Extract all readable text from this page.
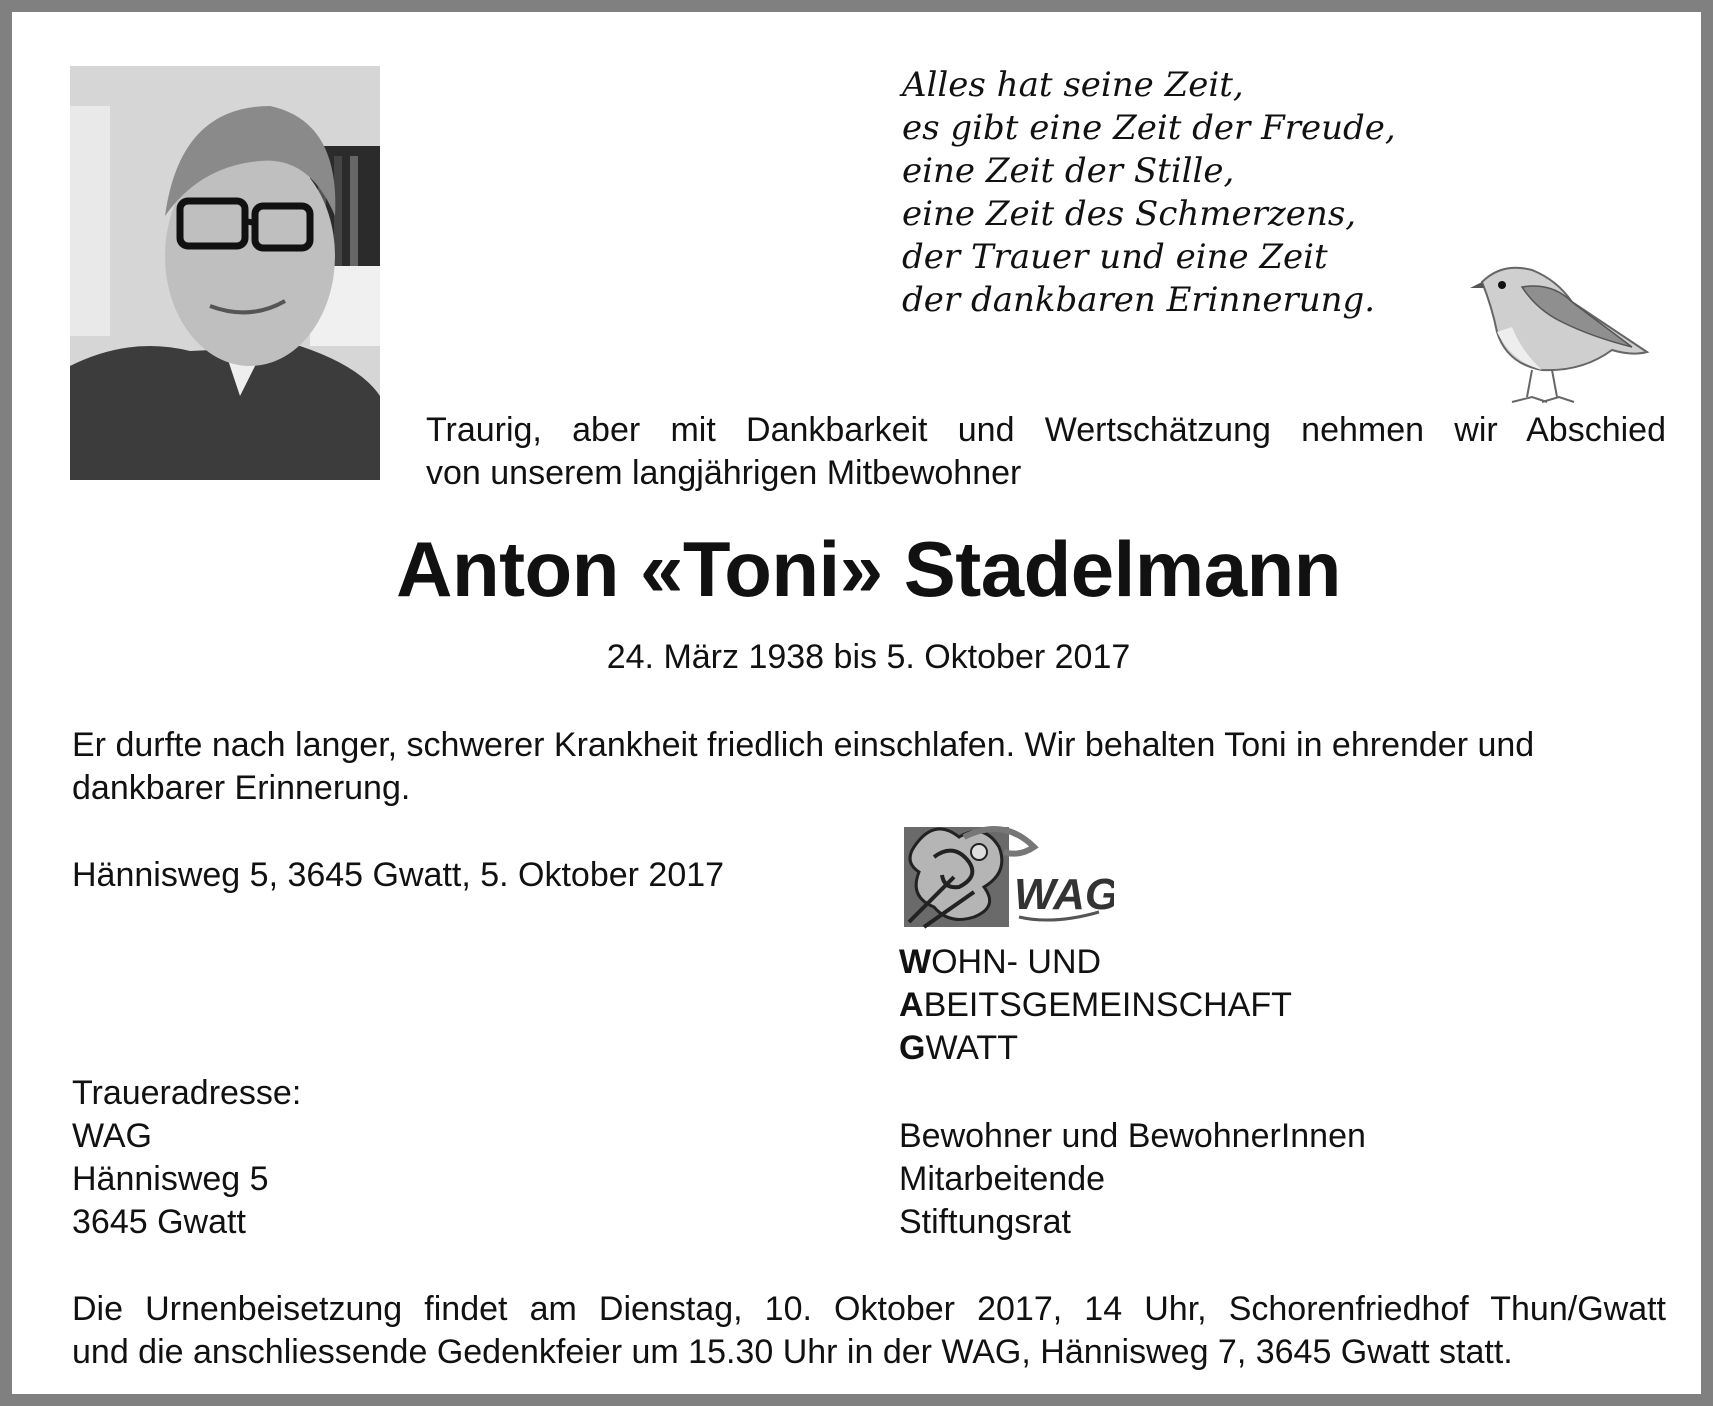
Alles hat seine Zeit,
es gibt eine Zeit der Freude,
eine Zeit der Stille,
eine Zeit des Schmerzens,
der Trauer und eine Zeit
der dankbaren Erinnerung.
Traurig, aber mit Dankbarkeit und Wertschätzung nehmen wir Abschied
von unserem langjährigen Mitbewohner
Anton «Toni» Stadelmann
24. März 1938 bis 5. Oktober 2017
Er durfte nach langer, schwerer Krankheit friedlich einschlafen. Wir behalten Toni in ehrender und dankbarer Erinnerung.
Hännisweg 5, 3645 Gwatt, 5. Oktober 2017	WAG
WOHN- UND
ABEITSGEMEINSCHAFT
GWATT
Traueradresse:
WAG
Hännisweg 5
3645 Gwatt
Bewohner und BewohnerInnen
Mitarbeitende
Stiftungsrat
Die Urnenbeisetzung findet am Dienstag, 10. Oktober 2017, 14 Uhr, Schorenfriedhof Thun/Gwatt
und die anschliessende Gedenkfeier um 15.30 Uhr in der WAG, Hännisweg 7, 3645 Gwatt statt.
